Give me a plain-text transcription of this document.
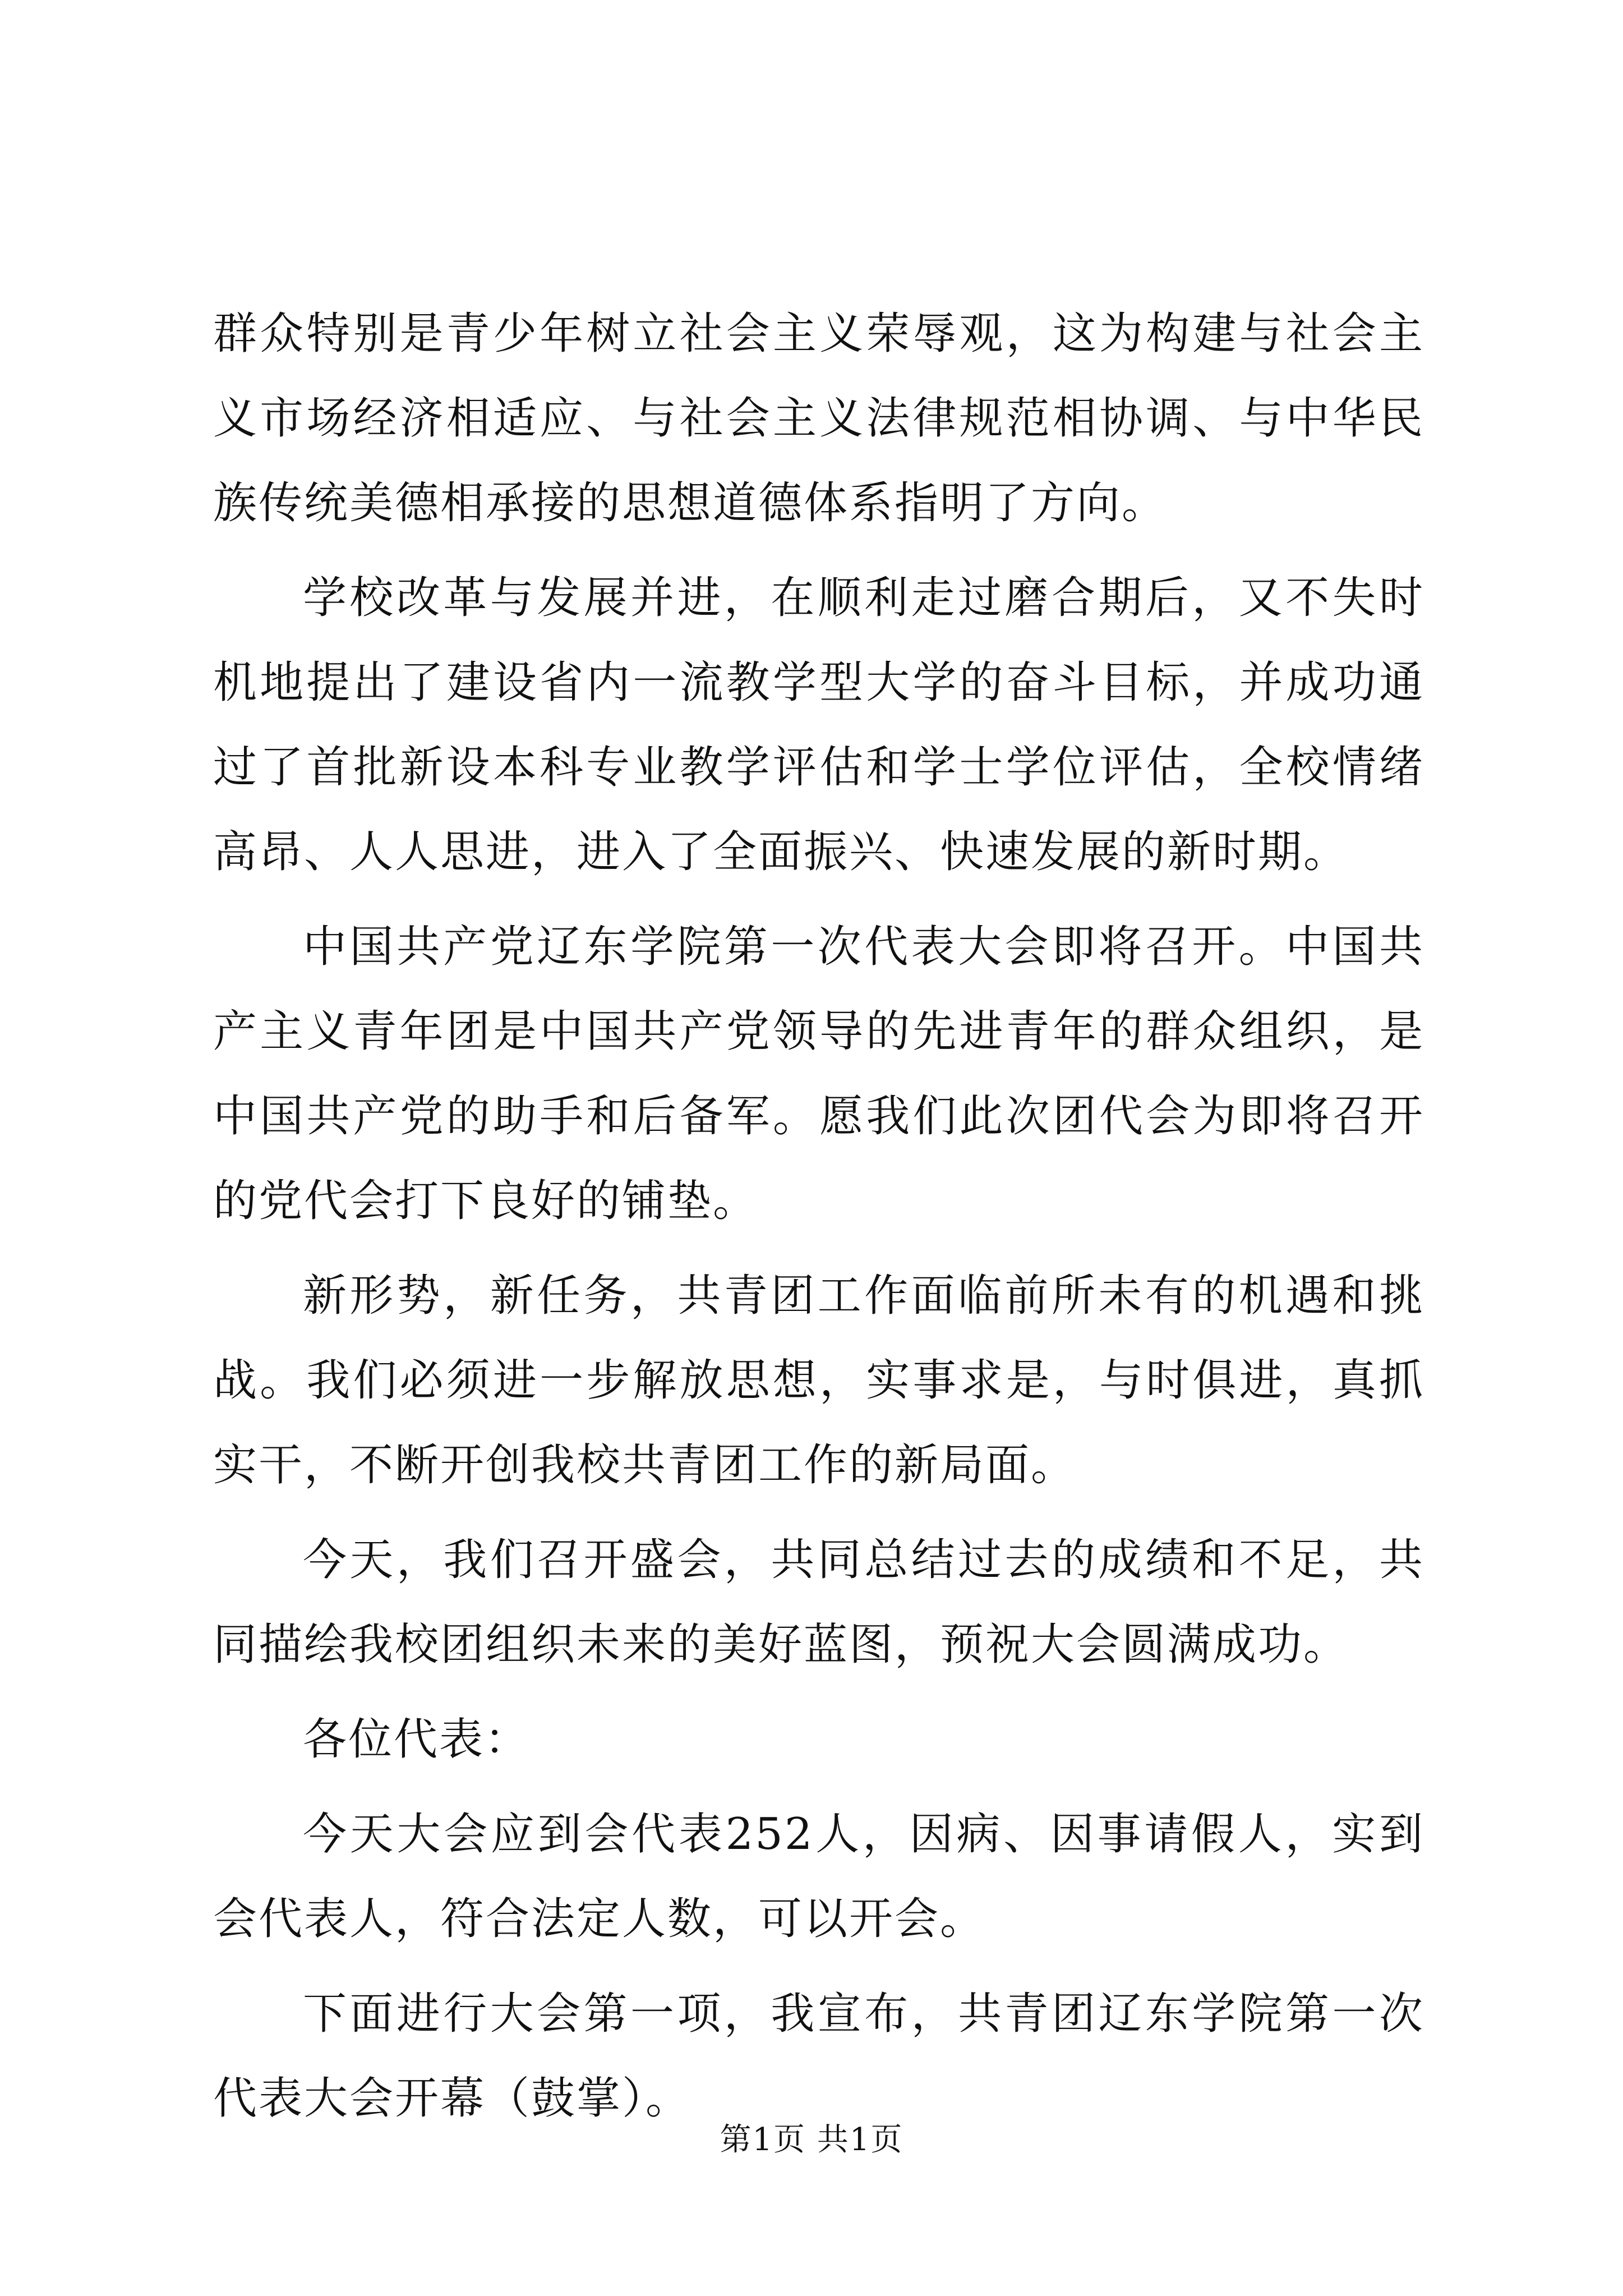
群众特别是青少年树立社会主义荣辱观，这为构建与社会主义市场经济相适应、与社会主义法律规范相协调、与中华民族传统美德相承接的思想道德体系指明了方向。

学校改革与发展并进，在顺利走过磨合期后，又不失时机地提出了建设省内一流教学型大学的奋斗目标，并成功通过了首批新设本科专业教学评估和学士学位评估，全校情绪高昂、人人思进，进入了全面振兴、快速发展的新时期。

中国共产党辽东学院第一次代表大会即将召开。中国共产主义青年团是中国共产党领导的先进青年的群众组织，是中国共产党的助手和后备军。愿我们此次团代会为即将召开的党代会打下良好的铺垫。

新形势，新任务，共青团工作面临前所未有的机遇和挑战。我们必须进一步解放思想，实事求是，与时俱进，真抓实干，不断开创我校共青团工作的新局面。

今天，我们召开盛会，共同总结过去的成绩和不足，共同描绘我校团组织未来的美好蓝图，预祝大会圆满成功。

各位代表：

今天大会应到会代表252人，因病、因事请假人，实到会代表人，符合法定人数，可以开会。

下面进行大会第一项，我宣布，共青团辽东学院第一次代表大会开幕（鼓掌）。

第1页 共1页
